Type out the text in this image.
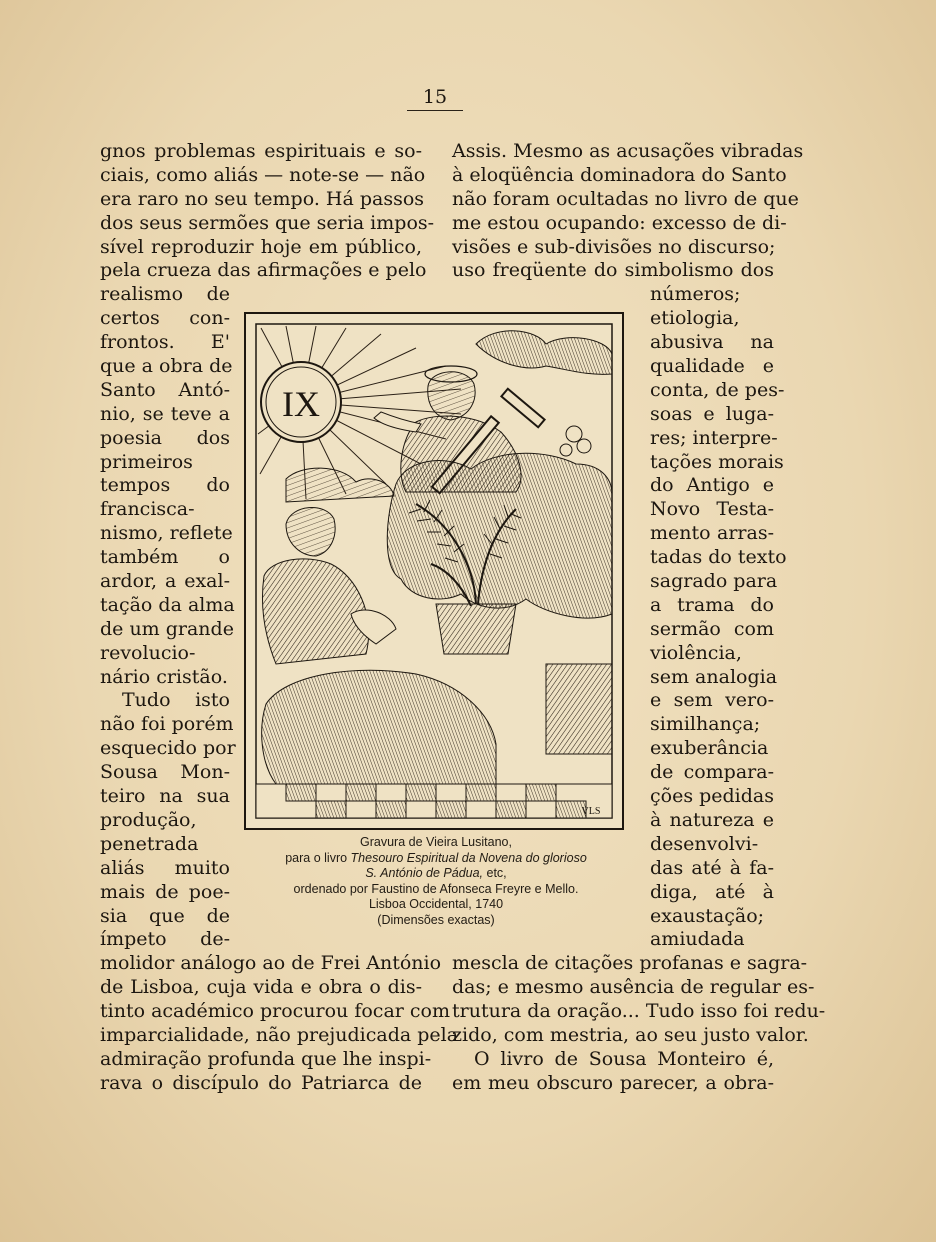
15
gnos problemas espirituais e so-
ciais, como aliás — note-se — não
era raro no seu tempo. Há passos
dos seus sermões que seria impos-
sível reproduzir hoje em público,
pela crueza das afirmações e pelo
realismo de
certos con-
frontos. E'
que a obra de
Santo Antó-
nio, se teve a
poesia dos
primeiros
tempos do
francisca-
nismo, reflete
também o
ardor, a exal-
tação da alma
de um grande
revolucio-
nário cristão.
Tudo isto
não foi porém
esquecido por
Sousa Mon-
teiro na sua
produção,
penetrada
aliás muito
mais de poe-
sia que de
ímpeto de-
molidor análogo ao de Frei António
de Lisboa, cuja vida e obra o dis-
tinto académico procurou focar com
imparcialidade, não prejudicada pela
admiração profunda que lhe inspi-
rava o discípulo do Patriarca de
Assis. Mesmo as acusações vibradas
à eloqüência dominadora do Santo
não foram ocultadas no livro de que
me estou ocupando: excesso de di-
visões e sub-divisões no discurso;
uso freqüente do simbolismo dos
números;
etiologia,
abusiva na
qualidade e
conta, de pes-
soas e luga-
res; interpre-
tações morais
do Antigo e
Novo Testa-
mento arras-
tadas do texto
sagrado para
a trama do
sermão com
violência,
sem analogia
e sem vero-
similhança;
exuberância
de compara-
ções pedidas
à natureza e
desenvolvi-
das até à fa-
diga, até à
exaustação;
amiudada
mescla de citações profanas e sagra-
das; e mesmo ausência de regular es-
trutura da oração... Tudo isso foi redu-
zido, com mestria, ao seu justo valor.
O livro de Sousa Monteiro é,
em meu obscuro parecer, a obra-
IX
VLS
Gravura de Vieira Lusitano,
para o livro Thesouro Espiritual da Novena do glorioso
S. António de Pádua, etc,
ordenado por Faustino de Afonseca Freyre e Mello.
Lisboa Occidental, 1740
(Dimensões exactas)
